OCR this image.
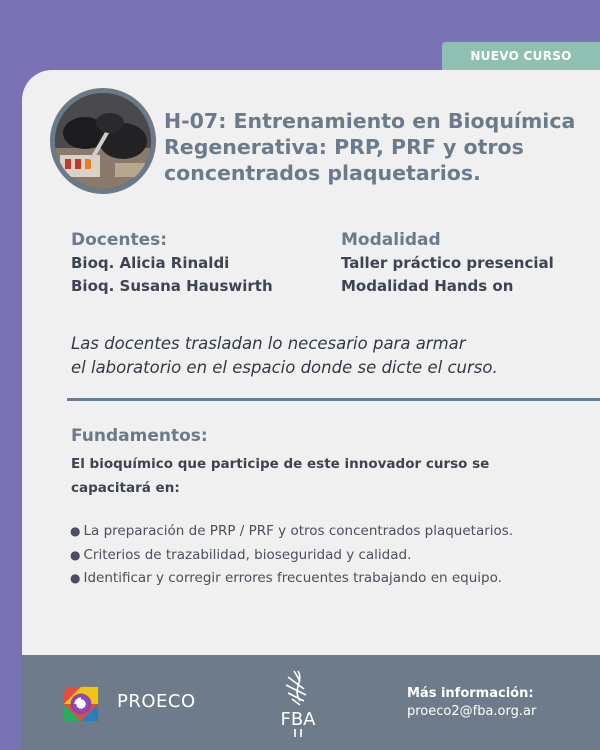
NUEVO CURSO
H-07: Entrenamiento en Bioquímica Regenerativa: PRP, PRF y otros concentrados plaquetarios.
Docentes:
Bioq. Alicia Rinaldi
Bioq. Susana Hauswirth
Modalidad
Taller práctico presencial
Modalidad Hands on
Las docentes trasladan lo necesario para armar
el laboratorio en el espacio donde se dicte el curso.
Fundamentos:
El bioquímico que participe de este innovador curso se
capacitará en:
● La preparación de PRP / PRF y otros concentrados plaquetarios.
● Criterios de trazabilidad, bioseguridad y calidad.
● Identificar y corregir errores frecuentes trabajando en equipo.
PROECO
FBA
Más información:
proeco2@fba.org.ar
